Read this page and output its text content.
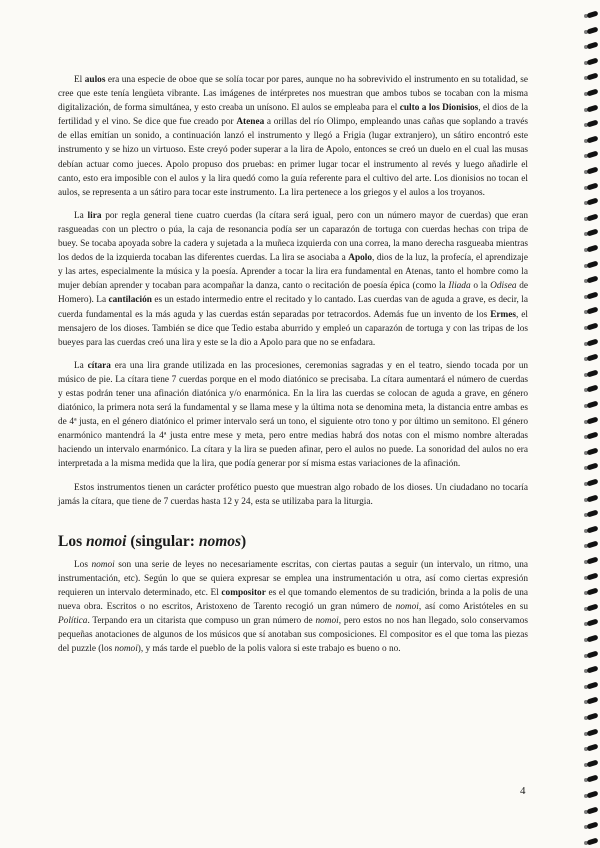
El aulos era una especie de oboe que se solía tocar por pares, aunque no ha sobrevivido el instrumento en su totalidad, se cree que este tenía lengüeta vibrante. Las imágenes de intérpretes nos muestran que ambos tubos se tocaban con la misma digitalización, de forma simultánea, y esto creaba un unísono. El aulos se empleaba para el culto a los Dionisios, el dios de la fertilidad y el vino. Se dice que fue creado por Atenea a orillas del río Olimpo, empleando unas cañas que soplando a través de ellas emitían un sonido, a continuación lanzó el instrumento y llegó a Frigia (lugar extranjero), un sátiro encontró este instrumento y se hizo un virtuoso. Este creyó poder superar a la lira de Apolo, entonces se creó un duelo en el cual las musas debían actuar como jueces. Apolo propuso dos pruebas: en primer lugar tocar el instrumento al revés y luego añadirle el canto, esto era imposible con el aulos y la lira quedó como la guía referente para el cultivo del arte. Los dionisios no tocan el aulos, se representa a un sátiro para tocar este instrumento. La lira pertenece a los griegos y el aulos a los troyanos.

La lira por regla general tiene cuatro cuerdas (la cítara será igual, pero con un número mayor de cuerdas) que eran rasgueadas con un plectro o púa, la caja de resonancia podía ser un caparazón de tortuga con cuerdas hechas con tripa de buey. Se tocaba apoyada sobre la cadera y sujetada a la muñeca izquierda con una correa, la mano derecha rasgueaba mientras los dedos de la izquierda tocaban las diferentes cuerdas. La lira se asociaba a Apolo, dios de la luz, la profecía, el aprendizaje y las artes, especialmente la música y la poesía. Aprender a tocar la lira era fundamental en Atenas, tanto el hombre como la mujer debían aprender y tocaban para acompañar la danza, canto o recitación de poesía épica (como la Iliada o la Odisea de Homero). La cantilación es un estado intermedio entre el recitado y lo cantado. Las cuerdas van de aguda a grave, es decir, la cuerda fundamental es la más aguda y las cuerdas están separadas por tetracordos. Además fue un invento de los Ermes, el mensajero de los dioses. También se dice que Tedio estaba aburrido y empleó un caparazón de tortuga y con las tripas de los bueyes para las cuerdas creó una lira y este se la dio a Apolo para que no se enfadara.

La cítara era una lira grande utilizada en las procesiones, ceremonias sagradas y en el teatro, siendo tocada por un músico de pie. La cítara tiene 7 cuerdas porque en el modo diatónico se precisaba. La cítara aumentará el número de cuerdas y estas podrán tener una afinación diatónica y/o enarmónica. En la lira las cuerdas se colocan de aguda a grave, en género diatónico, la primera nota será la fundamental y se llama mese y la última nota se denomina meta, la distancia entre ambas es de 4ª justa, en el género diatónico el primer intervalo será un tono, el siguiente otro tono y por último un semitono. El género enarmónico mantendrá la 4ª justa entre mese y meta, pero entre medias habrá dos notas con el mismo nombre alteradas haciendo un intervalo enarmónico. La cítara y la lira se pueden afinar, pero el aulos no puede. La sonoridad del aulos no era interpretada a la misma medida que la lira, que podía generar por sí misma estas variaciones de la afinación.

Estos instrumentos tienen un carácter profético puesto que muestran algo robado de los dioses. Un ciudadano no tocaría jamás la cítara, que tiene de 7 cuerdas hasta 12 y 24, esta se utilizaba para la liturgia.

Los nomoi (singular: nomos)

Los nomoi son una serie de leyes no necesariamente escritas, con ciertas pautas a seguir (un intervalo, un ritmo, una instrumentación, etc). Según lo que se quiera expresar se emplea una instrumentación u otra, así como ciertas expresión requieren un intervalo determinado, etc. El compositor es el que tomando elementos de su tradición, brinda a la polis de una nueva obra. Escritos o no escritos, Aristoxeno de Tarento recogió un gran número de nomoi, así como Aristóteles en su Política. Terpando era un citarista que compuso un gran número de nomoi, pero estos no nos han llegado, solo conservamos pequeñas anotaciones de algunos de los músicos que sí anotaban sus composiciones. El compositor es el que toma las piezas del puzzle (los nomoi), y más tarde el pueblo de la polis valora si este trabajo es bueno o no.

4
